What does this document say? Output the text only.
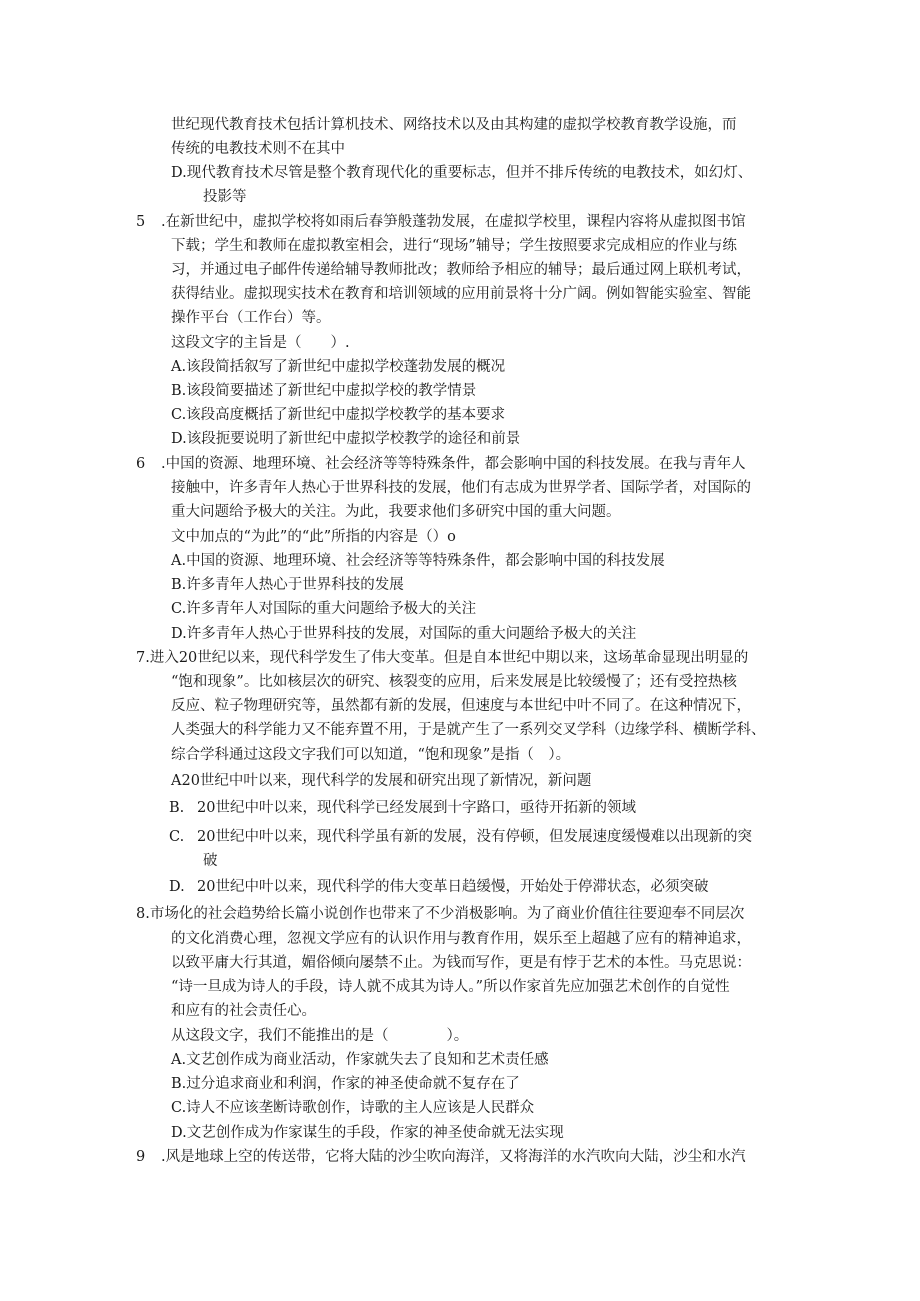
世纪现代教育技术包括计算机技术、网络技术以及由其构建的虚拟学校教育教学设施，而
传统的电教技术则不在其中
D.现代教育技术尽管是整个教育现代化的重要标志，但并不排斥传统的电教技术，如幻灯、
投影等
5 .在新世纪中，虚拟学校将如雨后春笋般蓬勃发展，在虚拟学校里，课程内容将从虚拟图书馆
下载；学生和教师在虚拟教室相会，进行“现场”辅导；学生按照要求完成相应的作业与练
习，并通过电子邮件传递给辅导教师批改；教师给予相应的辅导；最后通过网上联机考试，
获得结业。虚拟现实技术在教育和培训领域的应用前景将十分广阔。例如智能实验室、智能
操作平台（工作台）等。
这段文字的主旨是（　　）.
A.该段简括叙写了新世纪中虚拟学校蓬勃发展的概况
B.该段简要描述了新世纪中虚拟学校的教学情景
C.该段高度概括了新世纪中虚拟学校教学的基本要求
D.该段扼要说明了新世纪中虚拟学校教学的途径和前景
6 .中国的资源、地理环境、社会经济等等特殊条件，都会影响中国的科技发展。在我与青年人
接触中，许多青年人热心于世界科技的发展，他们有志成为世界学者、国际学者，对国际的
重大问题给予极大的关注。为此，我要求他们多研究中国的重大问题。
文中加点的“为此”的“此”所指的内容是（）o
A.中国的资源、地理环境、社会经济等等特殊条件，都会影响中国的科技发展
B.许多青年人热心于世界科技的发展
C.许多青年人对国际的重大问题给予极大的关注
D.许多青年人热心于世界科技的发展，对国际的重大问题给予极大的关注
7.进入20世纪以来，现代科学发生了伟大变革。但是自本世纪中期以来，这场革命显现出明显的
“饱和现象”。比如核层次的研究、核裂变的应用，后来发展是比较缓慢了；还有受控热核
反应、粒子物理研究等，虽然都有新的发展，但速度与本世纪中叶不同了。在这种情况下，
人类强大的科学能力又不能弃置不用，于是就产生了一系列交叉学科（边缘学科、横断学科、
综合学科通过这段文字我们可以知道，“饱和现象”是指（　）。
A20世纪中叶以来，现代科学的发展和研究出现了新情况，新问题
B. 20世纪中叶以来，现代科学已经发展到十字路口，亟待开拓新的领域
C. 20世纪中叶以来，现代科学虽有新的发展，没有停顿，但发展速度缓慢难以出现新的突
破
D. 20世纪中叶以来，现代科学的伟大变革日趋缓慢，开始处于停滞状态，必须突破
8.市场化的社会趋势给长篇小说创作也带来了不少消极影响。为了商业价值往往要迎奉不同层次
的文化消费心理，忽视文学应有的认识作用与教育作用，娱乐至上超越了应有的精神追求，
以致平庸大行其道，媚俗倾向屡禁不止。为钱而写作，更是有悖于艺术的本性。马克思说：
“诗一旦成为诗人的手段，诗人就不成其为诗人。”所以作家首先应加强艺术创作的自觉性
和应有的社会责任心。
从这段文字，我们不能推出的是（　　　　）。
A.文艺创作成为商业活动，作家就失去了良知和艺术责任感
B.过分追求商业和利润，作家的神圣使命就不复存在了
C.诗人不应该垄断诗歌创作，诗歌的主人应该是人民群众
D.文艺创作成为作家谋生的手段，作家的神圣使命就无法实现
9 .风是地球上空的传送带，它将大陆的沙尘吹向海洋，又将海洋的水汽吹向大陆，沙尘和水汽
